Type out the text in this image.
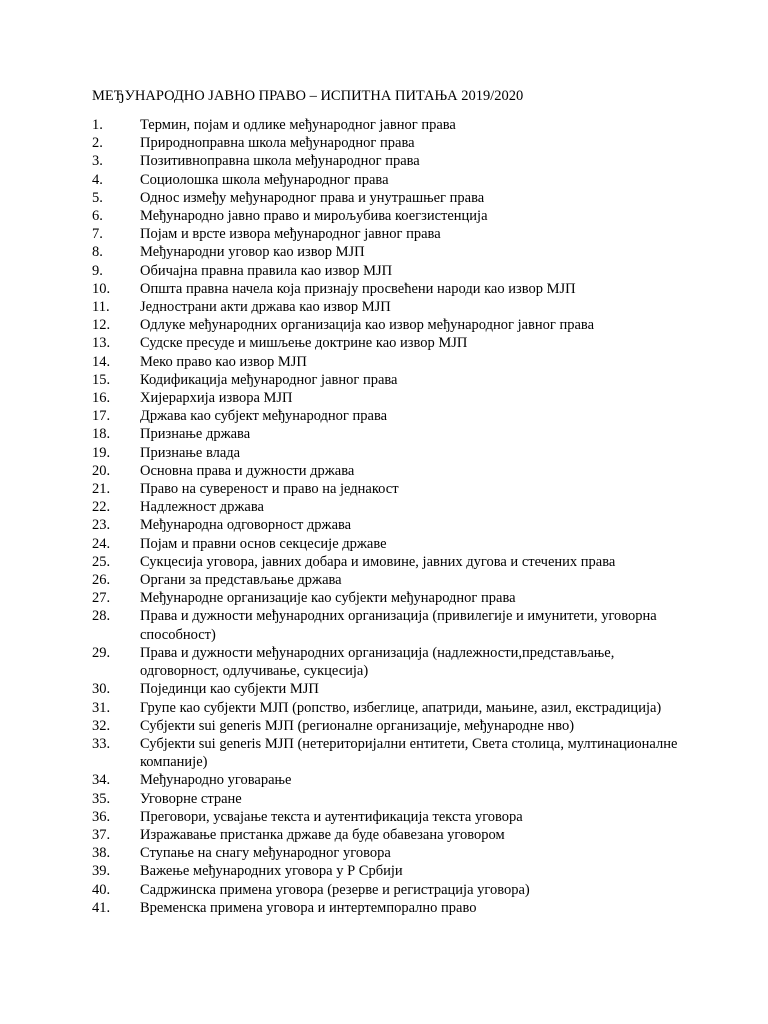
МЕЂУНАРОДНО ЈАВНО ПРАВО – ИСПИТНА ПИТАЊА 2019/2020
1.	Термин, појам и одлике међународног јавног права
2.	Природноправна школа међународног права
3.	Позитивноправна школа међународног права
4.	Социолошка школа међународног права
5.	Однос између међународног права и унутрашњег права
6.	Међународно јавно право и мирољубива коегзистенција
7.	Појам и врсте извора међународног јавног права
8.	Међународни уговор као извор МЈП
9.	Обичајна правна правила као извор МЈП
10.	Општа правна начела која признају просвећени народи као извор МЈП
11.	Једнострани акти држава као извор МЈП
12.	Одлуке међународних организација као извор међународног јавног права
13.	Судске пресуде и мишљење доктрине као извор МЈП
14.	Меко право као извор МЈП
15.	Кодификација међународног јавног права
16.	Хијерархија извора МЈП
17.	Држава као субјект међународног права
18.	Признање држава
19.	Признање влада
20.	Основна права и дужности држава
21.	Право на сувереност и право на једнакост
22.	Надлежност држава
23.	Међународна одговорност држава
24.	Појам и правни основ секцесије државе
25.	Сукцесија уговора, јавних добара и имовине, јавних дугова и стечених права
26.	Органи за представљање држава
27.	Међународне организације као субјекти међународног права
28.	Права и дужности међународних организација (привилегије и имунитети, уговорна способност)
29.	Права и дужности међународних организација (надлежности,представљање, одговорност, одлучивање, сукцесија)
30.	Појединци као субјекти МЈП
31.	Групе као субјекти МЈП (ропство, избеглице, апатриди, мањине, азил, екстрадиција)
32.	Субјекти sui generis МЈП (регионалне организације, међународне нво)
33.	Субјекти sui generis МЈП (нетериторијални ентитети, Света столица, мултинационалне компаније)
34.	Међународно уговарање
35.	Уговорне стране
36.	Преговори, усвајање текста и аутентификација текста уговора
37.	Изражавање пристанка државе да буде обавезана уговором
38.	Ступање на снагу међународног уговора
39.	Важење међународних уговора у Р Србији
40.	Садржинска примена уговора (резерве и регистрација уговора)
41.	Временска примена уговора и интертемпорално право
